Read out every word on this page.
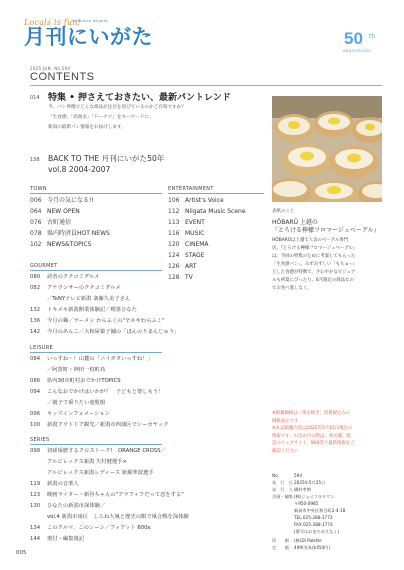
Locals is fun!
Getsukan Niigata
月刊にいがた	50 th
ANNIVERSARY
2025 JUN. No.594
CONTENTS
014 特集 • 押さえておきたい、最新パントレンド
今、パン界隈でどんな商品が注目を浴びているのかご存知ですか？
「生食感」「高加水」「ドーナツ」をキーワードに、
新潟の最新パン情報をお届けします。
138 BACK TO THE 月刊にいがた50年
vol.8 2004-2007
TOWN
006 今月の気になる!!
064 NEW OPEN
076 古町通信
078 県内時済員HOT NEWS
102 NEWS&TOPICS
ENTERTAINMENT
106 Artist's Voice
112 Niigata Music Scene
113 EVENT
116 MUSIC
120 CINEMA
124 STAGE
126 ART
128 TV
GOURMET
080 読者のクチコミグルメ
082 アナウンサーのクチコミグルメ
／TeNYテレビ新潟 斎藤久美子さん
132 トキメキ新潟開業体験記／喫茶ひなた
136 今月の麺／ラーメン わらふくの"辛ネギわらふく"
142 今月のあんこ／大和屋菓子舗の「ほんのりまんじゅう」
LEISURE
084 いっすね～！山麓の「ニイガタいっすね！」
／阿賀町・神田一枚町鳥
086 県内30市町村おでかけTOPICS
094 こんなおでかけはいかが？　子どもと楽しもう！
／親子で乗りたい遊覧船
096 キッズインフォメーション
100 新潟アウトドア観光／新潟市西蒲区でシーカヤック
SERIES
098 切磋琢磨するクロストーク!　ORANGE CROSS／
アルビレックス新潟 矢村健選手×
アルビレックス新潟レディース 新堀華波選手
119 新潟の音楽人
123 映画ライター・新谷ちゃんの"アラフィフだって恋をする"
130 ひなたの新潟市深体験／
vol.4 新潟市南区　しろね大凧と歴史の館で凧合戦を深体験
134 このクルマ、このシーン／フィアット 600e
144 奥付・編集後記
表紙のこと
HŌBARŪ 上越の
『とろける檸檬フロマージュベーグル』
HŌBARŪは上越で人気のベーグル専門
店。『とろける檸檬フロマージュベーグル』
は、今回の特集のために考案してもらった
「生食感パン」。みずみずしい「もちゅっ」
とした食感が特徴で、さわやかなビジュア
ルも初夏にぴったり。6月限定の商品なの
でお食べ逃しなく。
※掲載価格は一部を除き、消費税込みの
価格表示です
※本誌掲載内容は2025年5月15日現在の
情報です。お出かけの際は、各店舗、施
設のウェブサイト、SNS等で最新情報をご
確認ください
No.	594
発　行　日2025年5月25日
発　行　人橋村孝朗
企画・編集(株)ジョイフルタウン
〒950-0985
新潟市中央区和合町2-4-18
TEL.025-288-1773
FAX.025-288-1774
(番号はおまちがえなく)
印　　刷 (株)Di Palette
定　　価 499円(本体454円)
005
